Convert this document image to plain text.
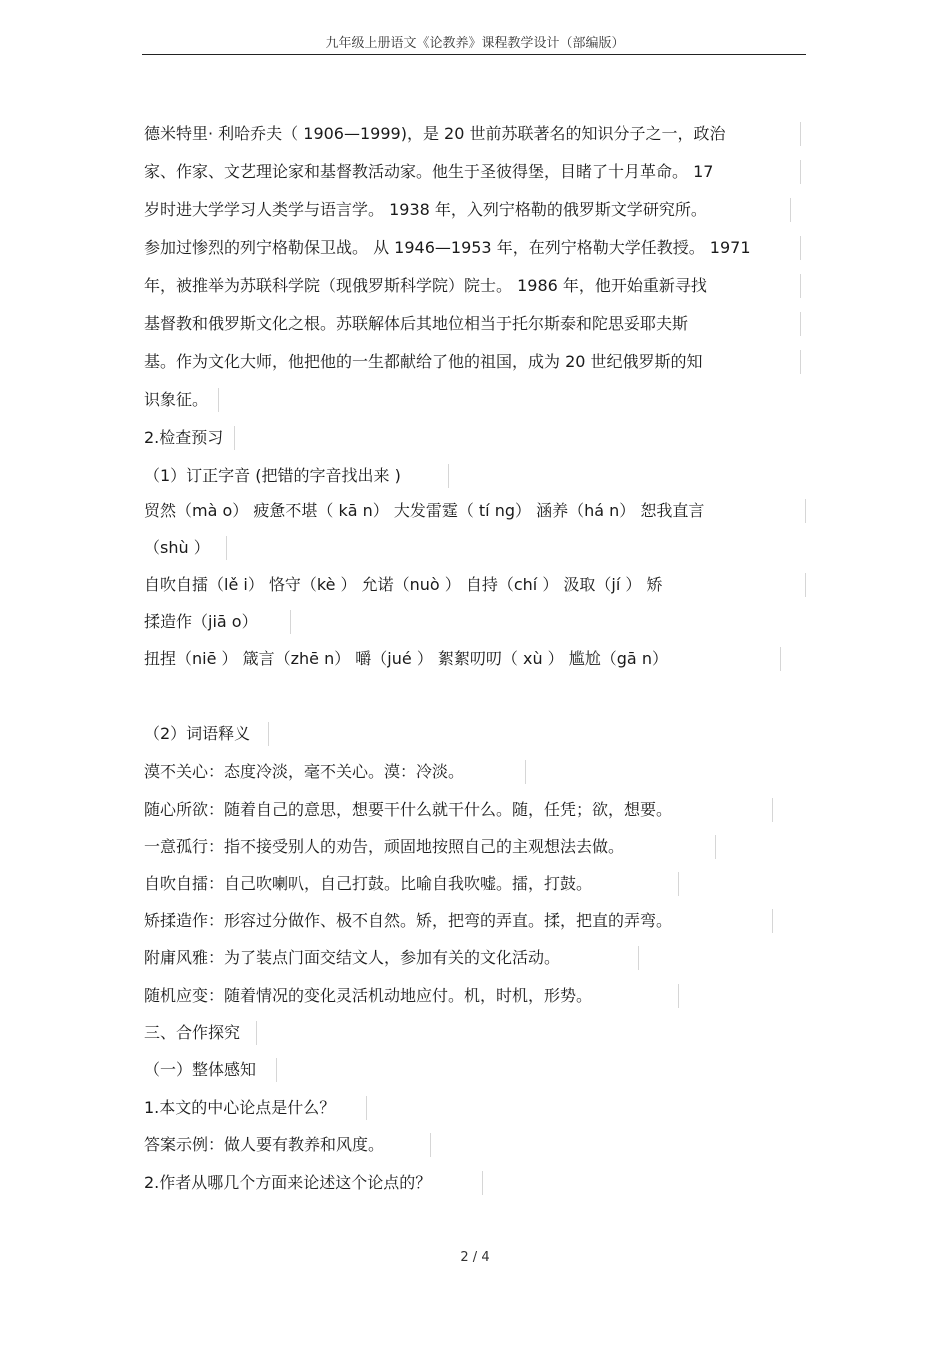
九年级上册语文《论教养》课程教学设计（部编版）
德米特里· 利哈乔夫（ 1906—1999)，是 20 世前苏联著名的知识分子之一，政治
家、作家、文艺理论家和基督教活动家。他生于圣彼得堡，目睹了十月革命。 17
岁时进大学学习人类学与语言学。 1938 年，入列宁格勒的俄罗斯文学研究所。
参加过惨烈的列宁格勒保卫战。 从 1946—1953 年，在列宁格勒大学任教授。 1971
年，被推举为苏联科学院（现俄罗斯科学院）院士。 1986 年，他开始重新寻找
基督教和俄罗斯文化之根。苏联解体后其地位相当于托尔斯泰和陀思妥耶夫斯
基。作为文化大师，他把他的一生都献给了他的祖国，成为 20 世纪俄罗斯的知
识象征。
2.检查预习
（1）订正字音 (把错的字音找出来 )
贸然（mà o） 疲惫不堪（ kā n） 大发雷霆（ tí ng） 涵养（há n） 恕我直言
（shù ）
自吹自擂（lě i） 恪守（kè ） 允诺（nuò ） 自持（chí ） 汲取（jí ） 矫
揉造作（jiā o）
扭捏（niē ） 箴言（zhē n） 嚼（jué ） 絮絮叨叨（ xù ） 尴尬（gā n）
（2）词语释义
漠不关心：态度冷淡，毫不关心。漠：冷淡。
随心所欲：随着自己的意思，想要干什么就干什么。随，任凭；欲，想要。
一意孤行：指不接受别人的劝告，顽固地按照自己的主观想法去做。
自吹自擂：自己吹喇叭，自己打鼓。比喻自我吹嘘。擂，打鼓。
矫揉造作：形容过分做作、极不自然。矫，把弯的弄直。揉，把直的弄弯。
附庸风雅：为了装点门面交结文人，参加有关的文化活动。
随机应变：随着情况的变化灵活机动地应付。机，时机，形势。
三、合作探究
（一）整体感知
1.本文的中心论点是什么？
答案示例：做人要有教养和风度。
2.作者从哪几个方面来论述这个论点的？
2 / 4
